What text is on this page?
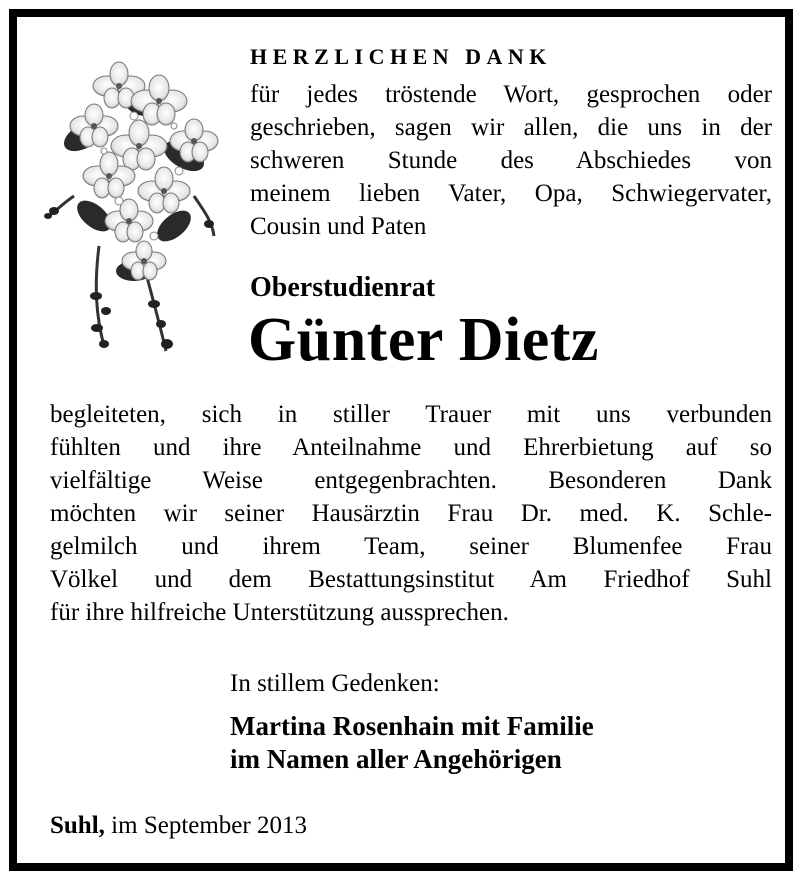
HERZLICHEN DANK
für jedes tröstende Wort, gesprochen oder
geschrieben, sagen wir allen, die uns in der
schweren Stunde des Abschiedes von
meinem lieben Vater, Opa, Schwiegervater,
Cousin und Paten
Oberstudienrat
Günter Dietz
begleiteten, sich in stiller Trauer mit uns verbunden
fühlten und ihre Anteilnahme und Ehrerbietung auf so
vielfältige Weise entgegenbrachten. Besonderen Dank
möchten wir seiner Hausärztin Frau Dr. med. K. Schle-
gelmilch und ihrem Team, seiner Blumenfee Frau
Völkel und dem Bestattungsinstitut Am Friedhof Suhl
für ihre hilfreiche Unterstützung aussprechen.
In stillem Gedenken:
Martina Rosenhain mit Familie
im Namen aller Angehörigen
Suhl, im September 2013
